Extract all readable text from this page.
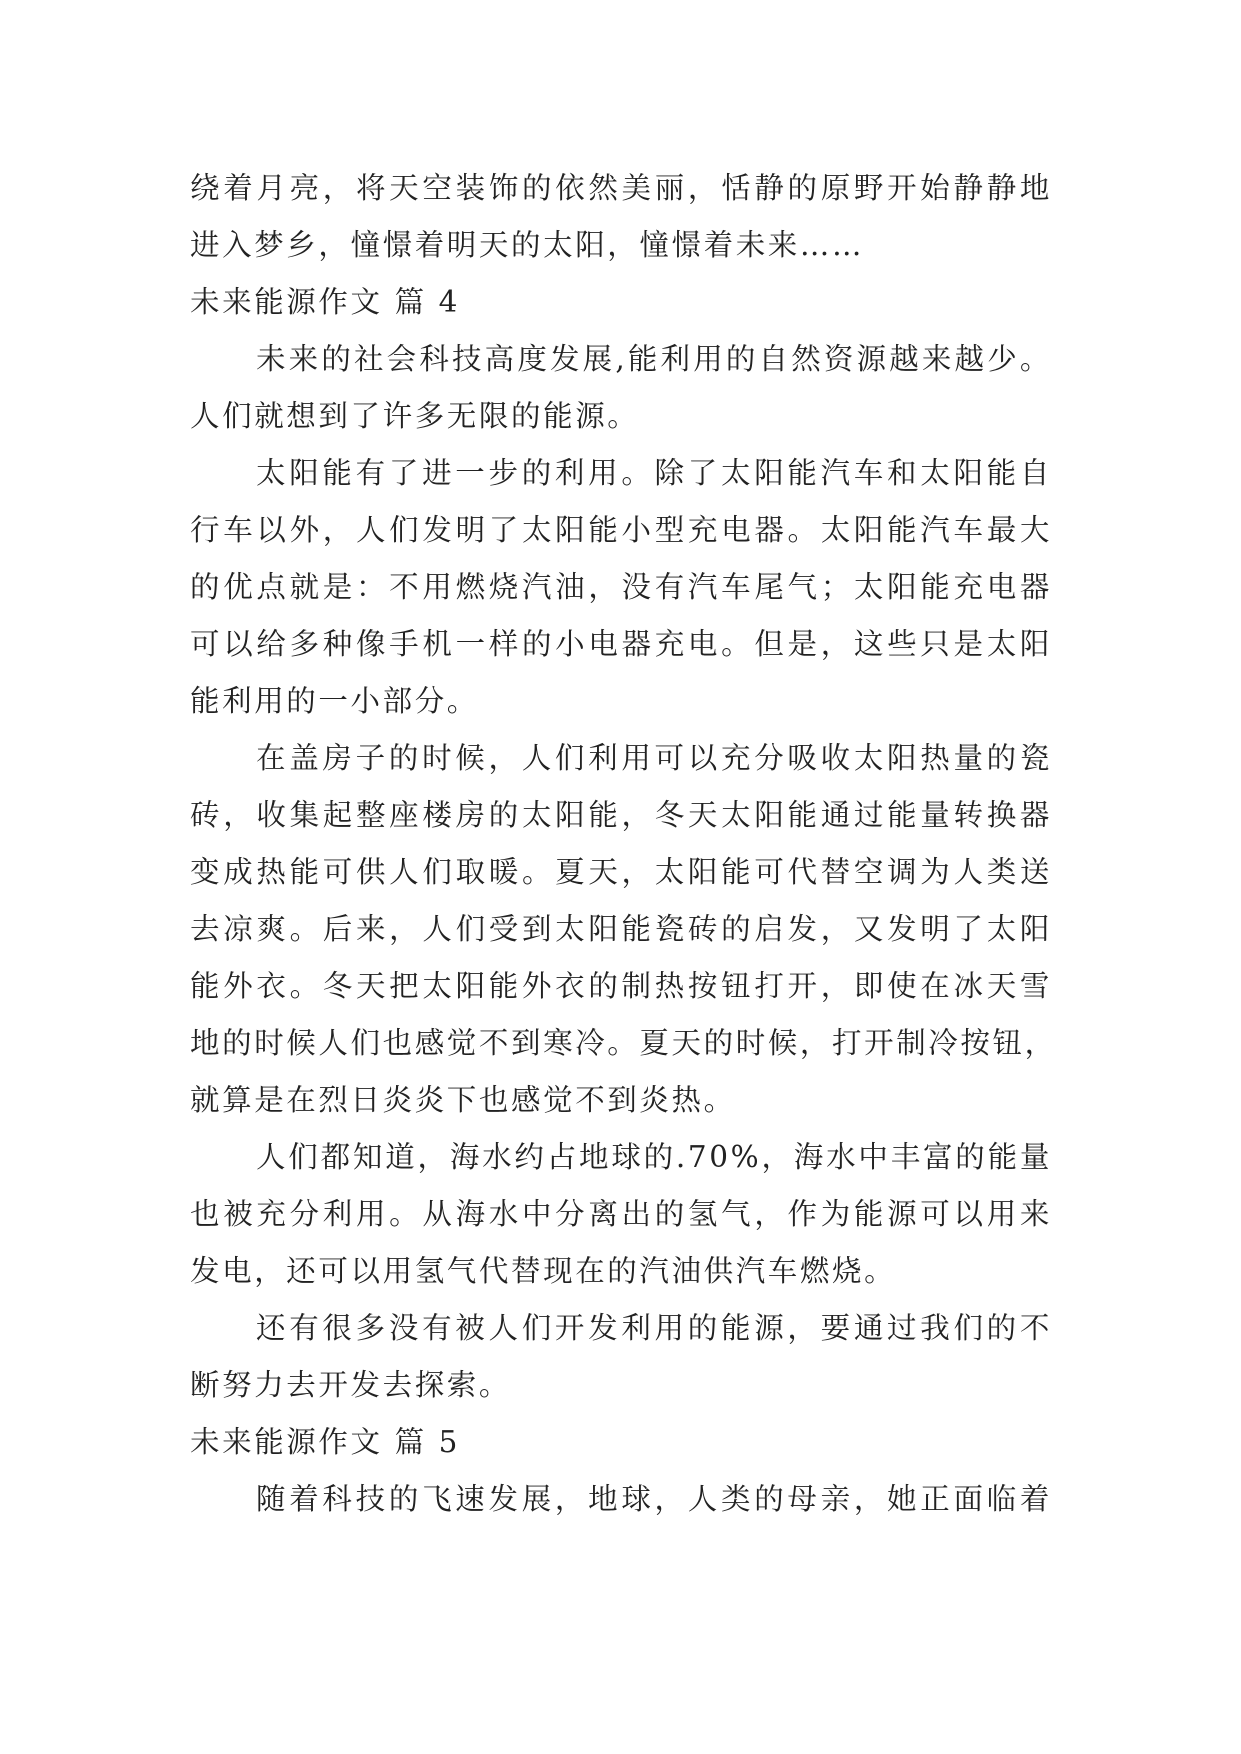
绕着月亮，将天空装饰的依然美丽，恬静的原野开始静静地
进入梦乡，憧憬着明天的太阳，憧憬着未来……
未来能源作文 篇 4
未来的社会科技高度发展,能利用的自然资源越来越少。
人们就想到了许多无限的能源。
太阳能有了进一步的利用。除了太阳能汽车和太阳能自
行车以外，人们发明了太阳能小型充电器。太阳能汽车最大
的优点就是：不用燃烧汽油，没有汽车尾气；太阳能充电器
可以给多种像手机一样的小电器充电。但是，这些只是太阳
能利用的一小部分。
在盖房子的时候，人们利用可以充分吸收太阳热量的瓷
砖，收集起整座楼房的太阳能，冬天太阳能通过能量转换器
变成热能可供人们取暖。夏天，太阳能可代替空调为人类送
去凉爽。后来，人们受到太阳能瓷砖的启发，又发明了太阳
能外衣。冬天把太阳能外衣的制热按钮打开，即使在冰天雪
地的时候人们也感觉不到寒冷。夏天的时候，打开制冷按钮，
就算是在烈日炎炎下也感觉不到炎热。
人们都知道，海水约占地球的.70%，海水中丰富的能量
也被充分利用。从海水中分离出的氢气，作为能源可以用来
发电，还可以用氢气代替现在的汽油供汽车燃烧。
还有很多没有被人们开发利用的能源，要通过我们的不
断努力去开发去探索。
未来能源作文 篇 5
随着科技的飞速发展，地球，人类的母亲，她正面临着
